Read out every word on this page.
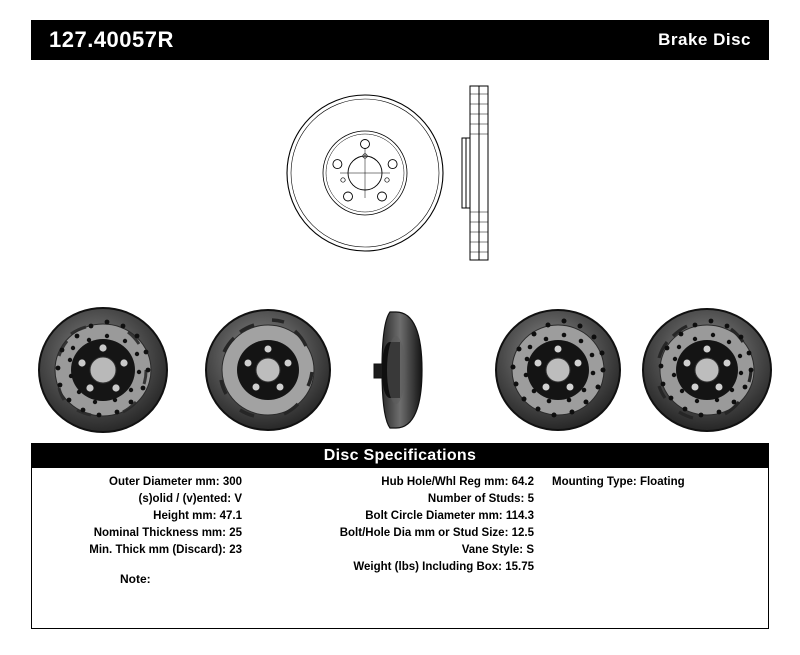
127.40057R	Brake Disc
Disc Specifications
Outer Diameter mm: 300
(s)olid / (v)ented: V
Height mm: 47.1
Nominal Thickness mm: 25
Min. Thick mm (Discard): 23
Hub Hole/Whl Reg mm: 64.2
Number of Studs: 5
Bolt Circle Diameter mm: 114.3
Bolt/Hole Dia mm or Stud Size: 12.5
Vane Style: S
Weight (lbs) Including Box: 15.75
Mounting Type: Floating
Note:
